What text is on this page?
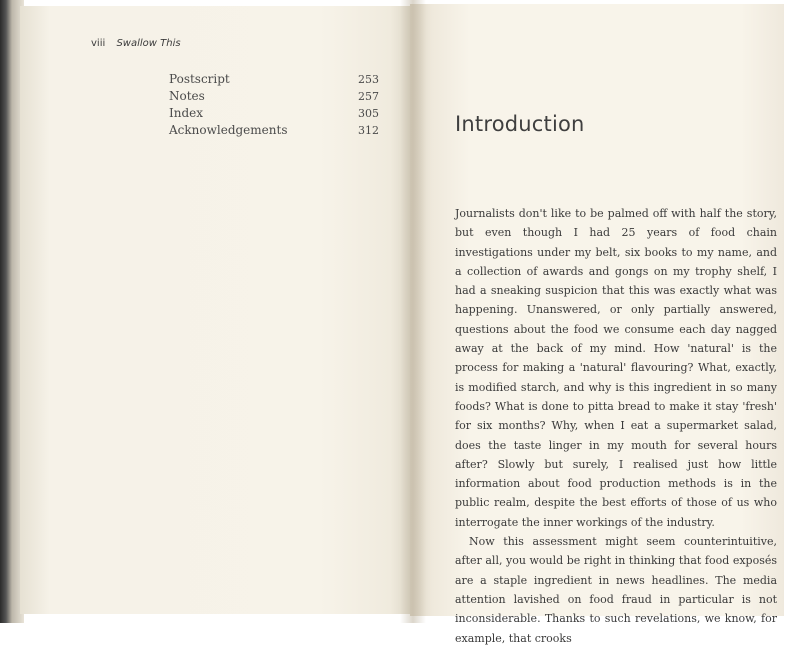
viii Swallow This
Postscript	253
Notes	257
Index	305
Acknowledgements	312	Introduction

Journalists don't like to be palmed off with half the story, but even though I had 25 years of food chain investigations under my belt, six books to my name, and a collection of awards and gongs on my trophy shelf, I had a sneaking suspicion that this was exactly what was happening. Unanswered, or only partially answered, questions about the food we consume each day nagged away at the back of my mind. How 'natural' is the process for making a 'natural' flavouring? What, exactly, is modified starch, and why is this ingredient in so many foods? What is done to pitta bread to make it stay 'fresh' for six months? Why, when I eat a supermarket salad, does the taste linger in my mouth for several hours after? Slowly but surely, I realised just how little information about food production methods is in the public realm, despite the best efforts of those of us who interrogate the inner workings of the industry.

Now this assessment might seem counterintuitive, after all, you would be right in thinking that food exposés are a staple ingredient in news headlines. The media attention lavished on food fraud in particular is not inconsiderable. Thanks to such revelations, we know, for example, that crooks
